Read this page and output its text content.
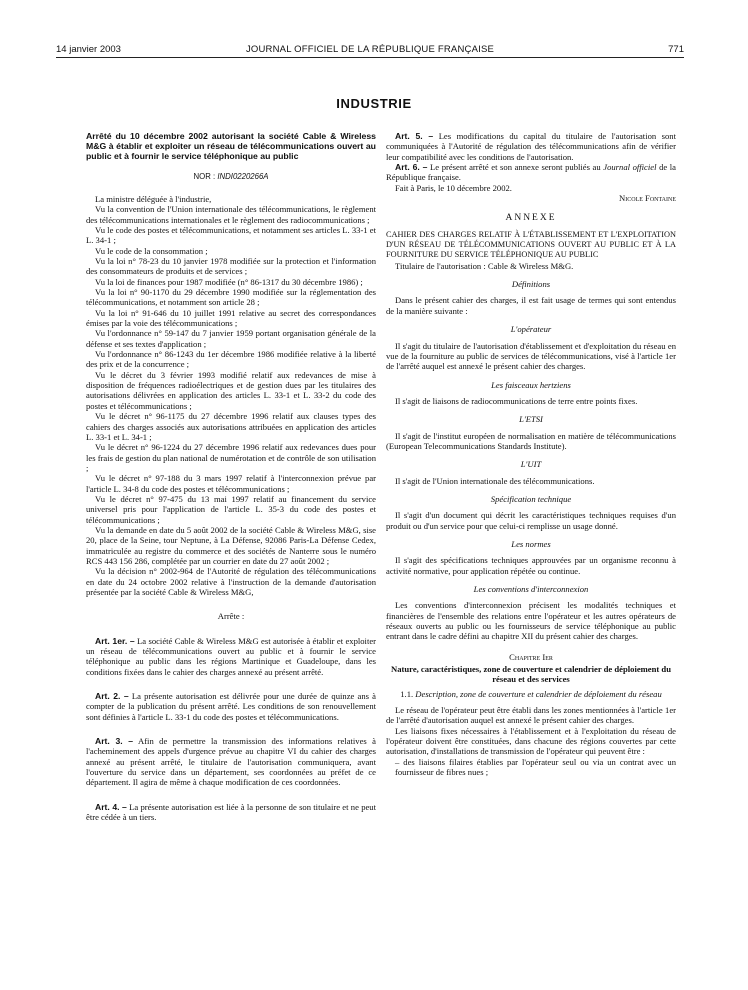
14 janvier 2003	JOURNAL OFFICIEL DE LA RÉPUBLIQUE FRANÇAISE	771
INDUSTRIE

Arrêté du 10 décembre 2002 autorisant la société Cable & Wireless M&G à établir et exploiter un réseau de télécommunications ouvert au public et à fournir le service téléphonique au public

NOR : INDI0220266A

La ministre déléguée à l'industrie,

Vu la convention de l'Union internationale des télécommunications, le règlement des télécommunications internationales et le règlement des radiocommunications ;

Vu le code des postes et télécommunications, et notamment ses articles L. 33-1 et L. 34-1 ;

Vu le code de la consommation ;

Vu la loi n° 78-23 du 10 janvier 1978 modifiée sur la protection et l'information des consommateurs de produits et de services ;

Vu la loi de finances pour 1987 modifiée (n° 86-1317 du 30 décembre 1986) ;

Vu la loi n° 90-1170 du 29 décembre 1990 modifiée sur la réglementation des télécommunications, et notamment son article 28 ;

Vu la loi n° 91-646 du 10 juillet 1991 relative au secret des correspondances émises par la voie des télécommunications ;

Vu l'ordonnance n° 59-147 du 7 janvier 1959 portant organisation générale de la défense et ses textes d'application ;

Vu l'ordonnance n° 86-1243 du 1er décembre 1986 modifiée relative à la liberté des prix et de la concurrence ;

Vu le décret du 3 février 1993 modifié relatif aux redevances de mise à disposition de fréquences radioélectriques et de gestion dues par les titulaires des autorisations délivrées en application des articles L. 33-1 et L. 33-2 du code des postes et télécommunications ;

Vu le décret n° 96-1175 du 27 décembre 1996 relatif aux clauses types des cahiers des charges associés aux autorisations attribuées en application des articles L. 33-1 et L. 34-1 ;

Vu le décret n° 96-1224 du 27 décembre 1996 relatif aux redevances dues pour les frais de gestion du plan national de numérotation et de contrôle de son utilisation ;

Vu le décret n° 97-188 du 3 mars 1997 relatif à l'interconnexion prévue par l'article L. 34-8 du code des postes et télécommunications ;

Vu le décret n° 97-475 du 13 mai 1997 relatif au financement du service universel pris pour l'application de l'article L. 35-3 du code des postes et télécommunications ;

Vu la demande en date du 5 août 2002 de la société Cable & Wireless M&G, sise 20, place de la Seine, tour Neptune, à La Défense, 92086 Paris-La Défense Cedex, immatriculée au registre du commerce et des sociétés de Nanterre sous le numéro RCS 443 156 286, complétée par un courrier en date du 27 août 2002 ;

Vu la décision n° 2002-964 de l'Autorité de régulation des télécommunications en date du 24 octobre 2002 relative à l'instruction de la demande d'autorisation présentée par la société Cable & Wireless M&G,

Arrête :

Art. 1er. – La société Cable & Wireless M&G est autorisée à établir et exploiter un réseau de télécommunications ouvert au public et à fournir le service téléphonique au public dans les régions Martinique et Guadeloupe, dans les conditions fixées dans le cahier des charges annexé au présent arrêté.

Art. 2. – La présente autorisation est délivrée pour une durée de quinze ans à compter de la publication du présent arrêté. Les conditions de son renouvellement sont définies à l'article L. 33-1 du code des postes et télécommunications.

Art. 3. – Afin de permettre la transmission des informations relatives à l'acheminement des appels d'urgence prévue au chapitre VI du cahier des charges annexé au présent arrêté, le titulaire de l'autorisation communiquera, avant l'ouverture du service dans un département, ses coordonnées au préfet de ce département. Il agira de même à chaque modification de ces coordonnées.

Art. 4. – La présente autorisation est liée à la personne de son titulaire et ne peut être cédée à un tiers.

Art. 5. – Les modifications du capital du titulaire de l'autorisation sont communiquées à l'Autorité de régulation des télécommunications afin de vérifier leur compatibilité avec les conditions de l'autorisation.

Art. 6. – Le présent arrêté et son annexe seront publiés au Journal officiel de la République française.

Fait à Paris, le 10 décembre 2002.

Nicole Fontaine

ANNEXE

CAHIER DES CHARGES RELATIF À L'ÉTABLISSEMENT ET L'EXPLOITATION D'UN RÉSEAU DE TÉLÉCOMMUNICATIONS OUVERT AU PUBLIC ET À LA FOURNITURE DU SERVICE TÉLÉPHONIQUE AU PUBLIC

Titulaire de l'autorisation : Cable & Wireless M&G.

Définitions

Dans le présent cahier des charges, il est fait usage de termes qui sont entendus de la manière suivante :

L'opérateur

Il s'agit du titulaire de l'autorisation d'établissement et d'exploitation du réseau en vue de la fourniture au public de services de télécommunications, visé à l'article 1er de l'arrêté auquel est annexé le présent cahier des charges.

Les faisceaux hertziens

Il s'agit de liaisons de radiocommunications de terre entre points fixes.

L'ETSI

Il s'agit de l'institut européen de normalisation en matière de télécommunications (European Telecommunications Standards Institute).

L'UIT

Il s'agit de l'Union internationale des télécommunications.

Spécification technique

Il s'agit d'un document qui décrit les caractéristiques techniques requises d'un produit ou d'un service pour que celui-ci remplisse un usage donné.

Les normes

Il s'agit des spécifications techniques approuvées par un organisme reconnu à activité normative, pour application répétée ou continue.

Les conventions d'interconnexion

Les conventions d'interconnexion précisent les modalités techniques et financières de l'ensemble des relations entre l'opérateur et les autres opérateurs de réseaux ouverts au public ou les fournisseurs de service téléphonique au public entrant dans le cadre défini au chapitre XII du présent cahier des charges.

Chapitre Ier

Nature, caractéristiques, zone de couverture et calendrier de déploiement du réseau et des services

1.1. Description, zone de couverture et calendrier de déploiement du réseau

Le réseau de l'opérateur peut être établi dans les zones mentionnées à l'article 1er de l'arrêté d'autorisation auquel est annexé le présent cahier des charges.

Les liaisons fixes nécessaires à l'établissement et à l'exploitation du réseau de l'opérateur doivent être constituées, dans chacune des régions couvertes par cette autorisation, d'installations de transmission de l'opérateur qui peuvent être :

– des liaisons filaires établies par l'opérateur seul ou via un contrat avec un fournisseur de fibres nues ;
